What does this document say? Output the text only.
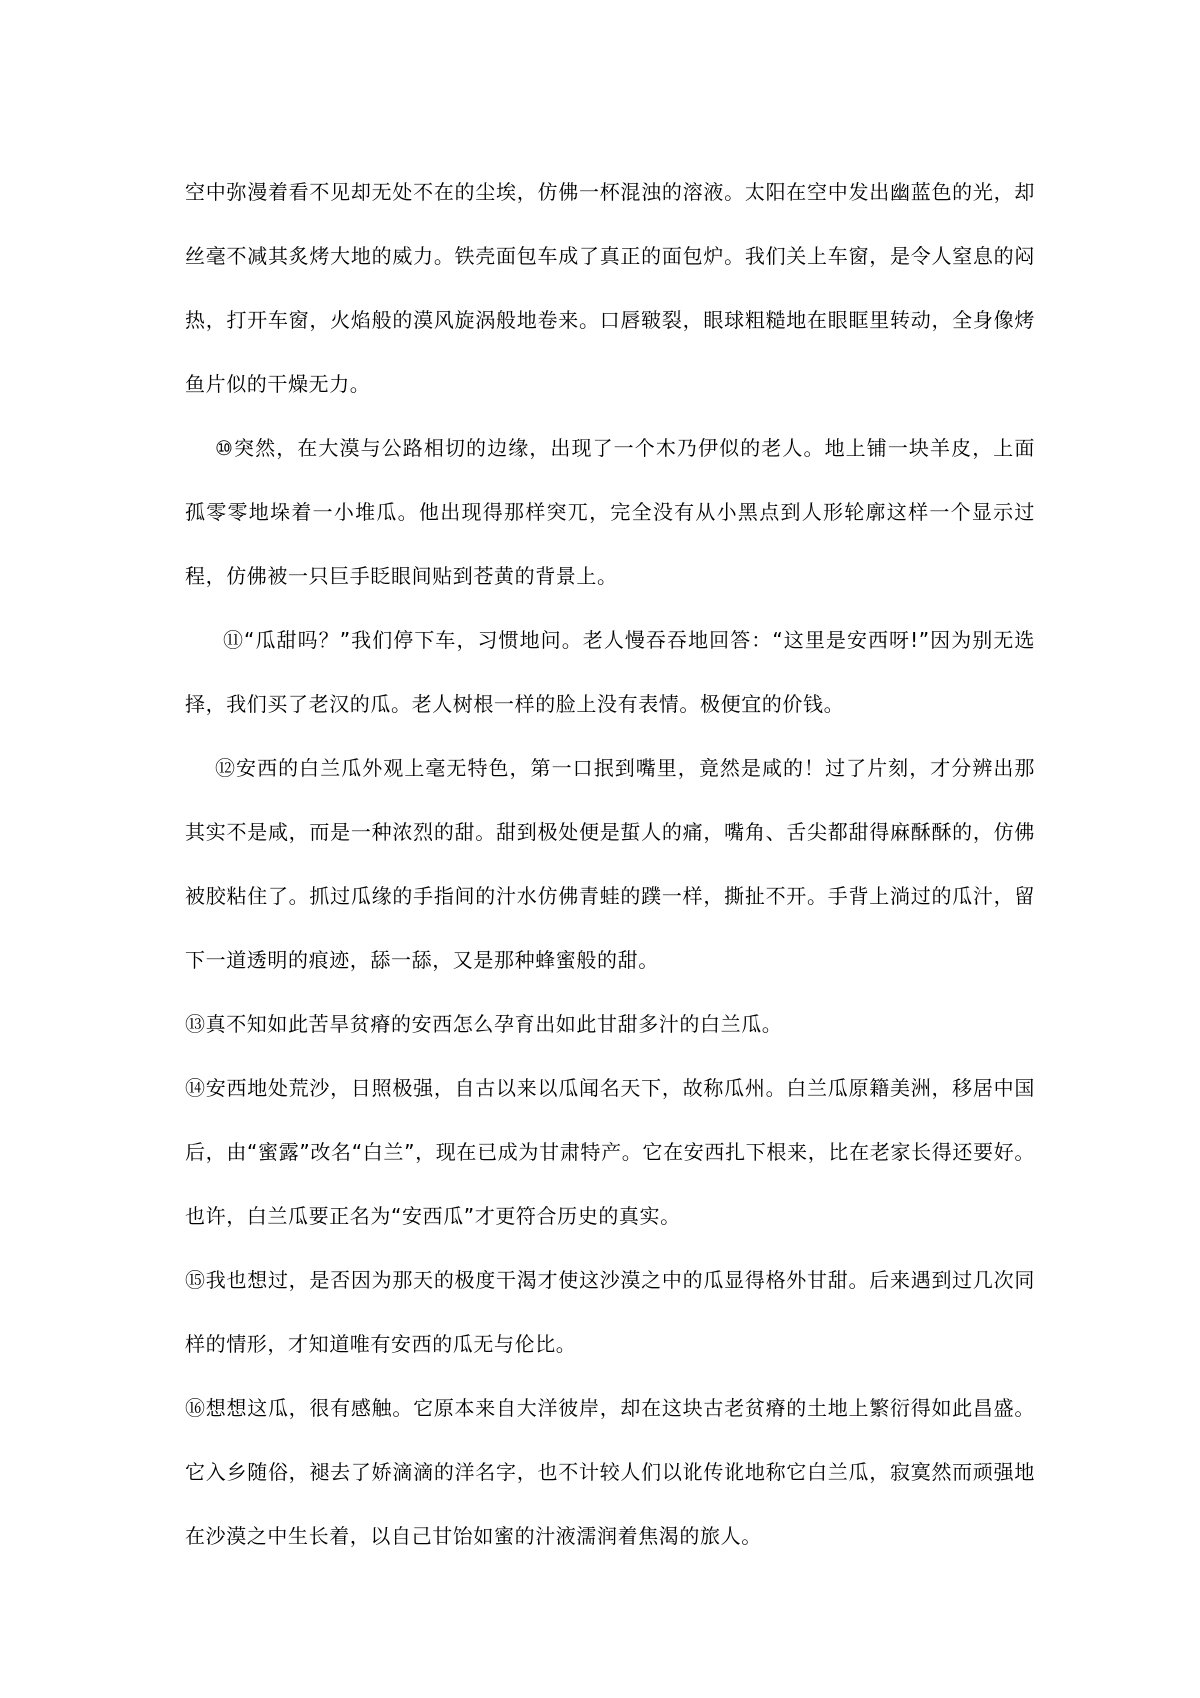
空中弥漫着看不见却无处不在的尘埃，仿佛一杯混浊的溶液。太阳在空中发出幽蓝色的光，却丝毫不减其炙烤大地的威力。铁壳面包车成了真正的面包炉。我们关上车窗，是令人窒息的闷热，打开车窗，火焰般的漠风旋涡般地卷来。口唇皲裂，眼球粗糙地在眼眶里转动，全身像烤鱼片似的干燥无力。

⑩突然，在大漠与公路相切的边缘，出现了一个木乃伊似的老人。地上铺一块羊皮，上面孤零零地垛着一小堆瓜。他出现得那样突兀，完全没有从小黑点到人形轮廓这样一个显示过程，仿佛被一只巨手眨眼间贴到苍黄的背景上。

⑪“瓜甜吗？”我们停下车，习惯地问。老人慢吞吞地回答：“这里是安西呀!”因为别无选择，我们买了老汉的瓜。老人树根一样的脸上没有表情。极便宜的价钱。

⑫安西的白兰瓜外观上毫无特色，第一口抿到嘴里，竟然是咸的！过了片刻，才分辨出那其实不是咸，而是一种浓烈的甜。甜到极处便是蜇人的痛，嘴角、舌尖都甜得麻酥酥的，仿佛被胶粘住了。抓过瓜缘的手指间的汁水仿佛青蛙的蹼一样，撕扯不开。手背上淌过的瓜汁，留下一道透明的痕迹，舔一舔，又是那种蜂蜜般的甜。

⑬真不知如此苦旱贫瘠的安西怎么孕育出如此甘甜多汁的白兰瓜。

⑭安西地处荒沙，日照极强，自古以来以瓜闻名天下，故称瓜州。白兰瓜原籍美洲，移居中国后，由“蜜露”改名“白兰”，现在已成为甘肃特产。它在安西扎下根来，比在老家长得还要好。也许，白兰瓜要正名为“安西瓜”才更符合历史的真实。

⑮我也想过，是否因为那天的极度干渴才使这沙漠之中的瓜显得格外甘甜。后来遇到过几次同样的情形，才知道唯有安西的瓜无与伦比。

⑯想想这瓜，很有感触。它原本来自大洋彼岸，却在这块古老贫瘠的土地上繁衍得如此昌盛。它入乡随俗，褪去了娇滴滴的洋名字，也不计较人们以讹传讹地称它白兰瓜，寂寞然而顽强地在沙漠之中生长着，以自己甘饴如蜜的汁液濡润着焦渴的旅人。
